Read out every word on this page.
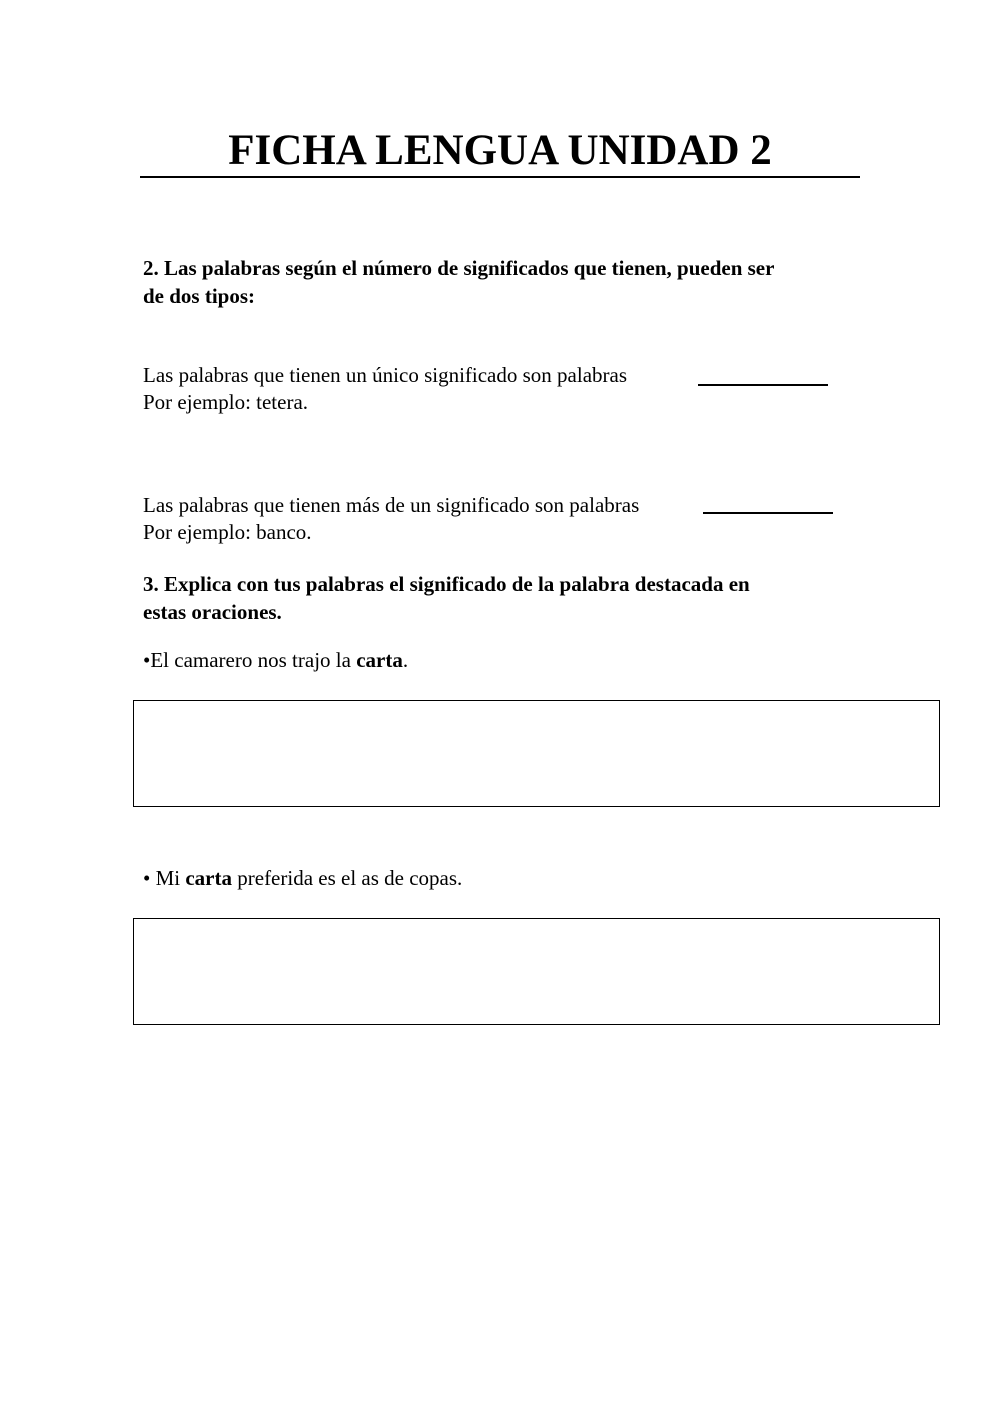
FICHA LENGUA UNIDAD 2

2. Las palabras según el número de significados que tienen, pueden ser
de dos tipos:

Las palabras que tienen un único significado son palabras

Por ejemplo: tetera.

Las palabras que tienen más de un significado son palabras

Por ejemplo: banco.

3. Explica con tus palabras el significado de la palabra destacada en
estas oraciones.

•El camarero nos trajo la carta.

• Mi carta preferida es el as de copas.
